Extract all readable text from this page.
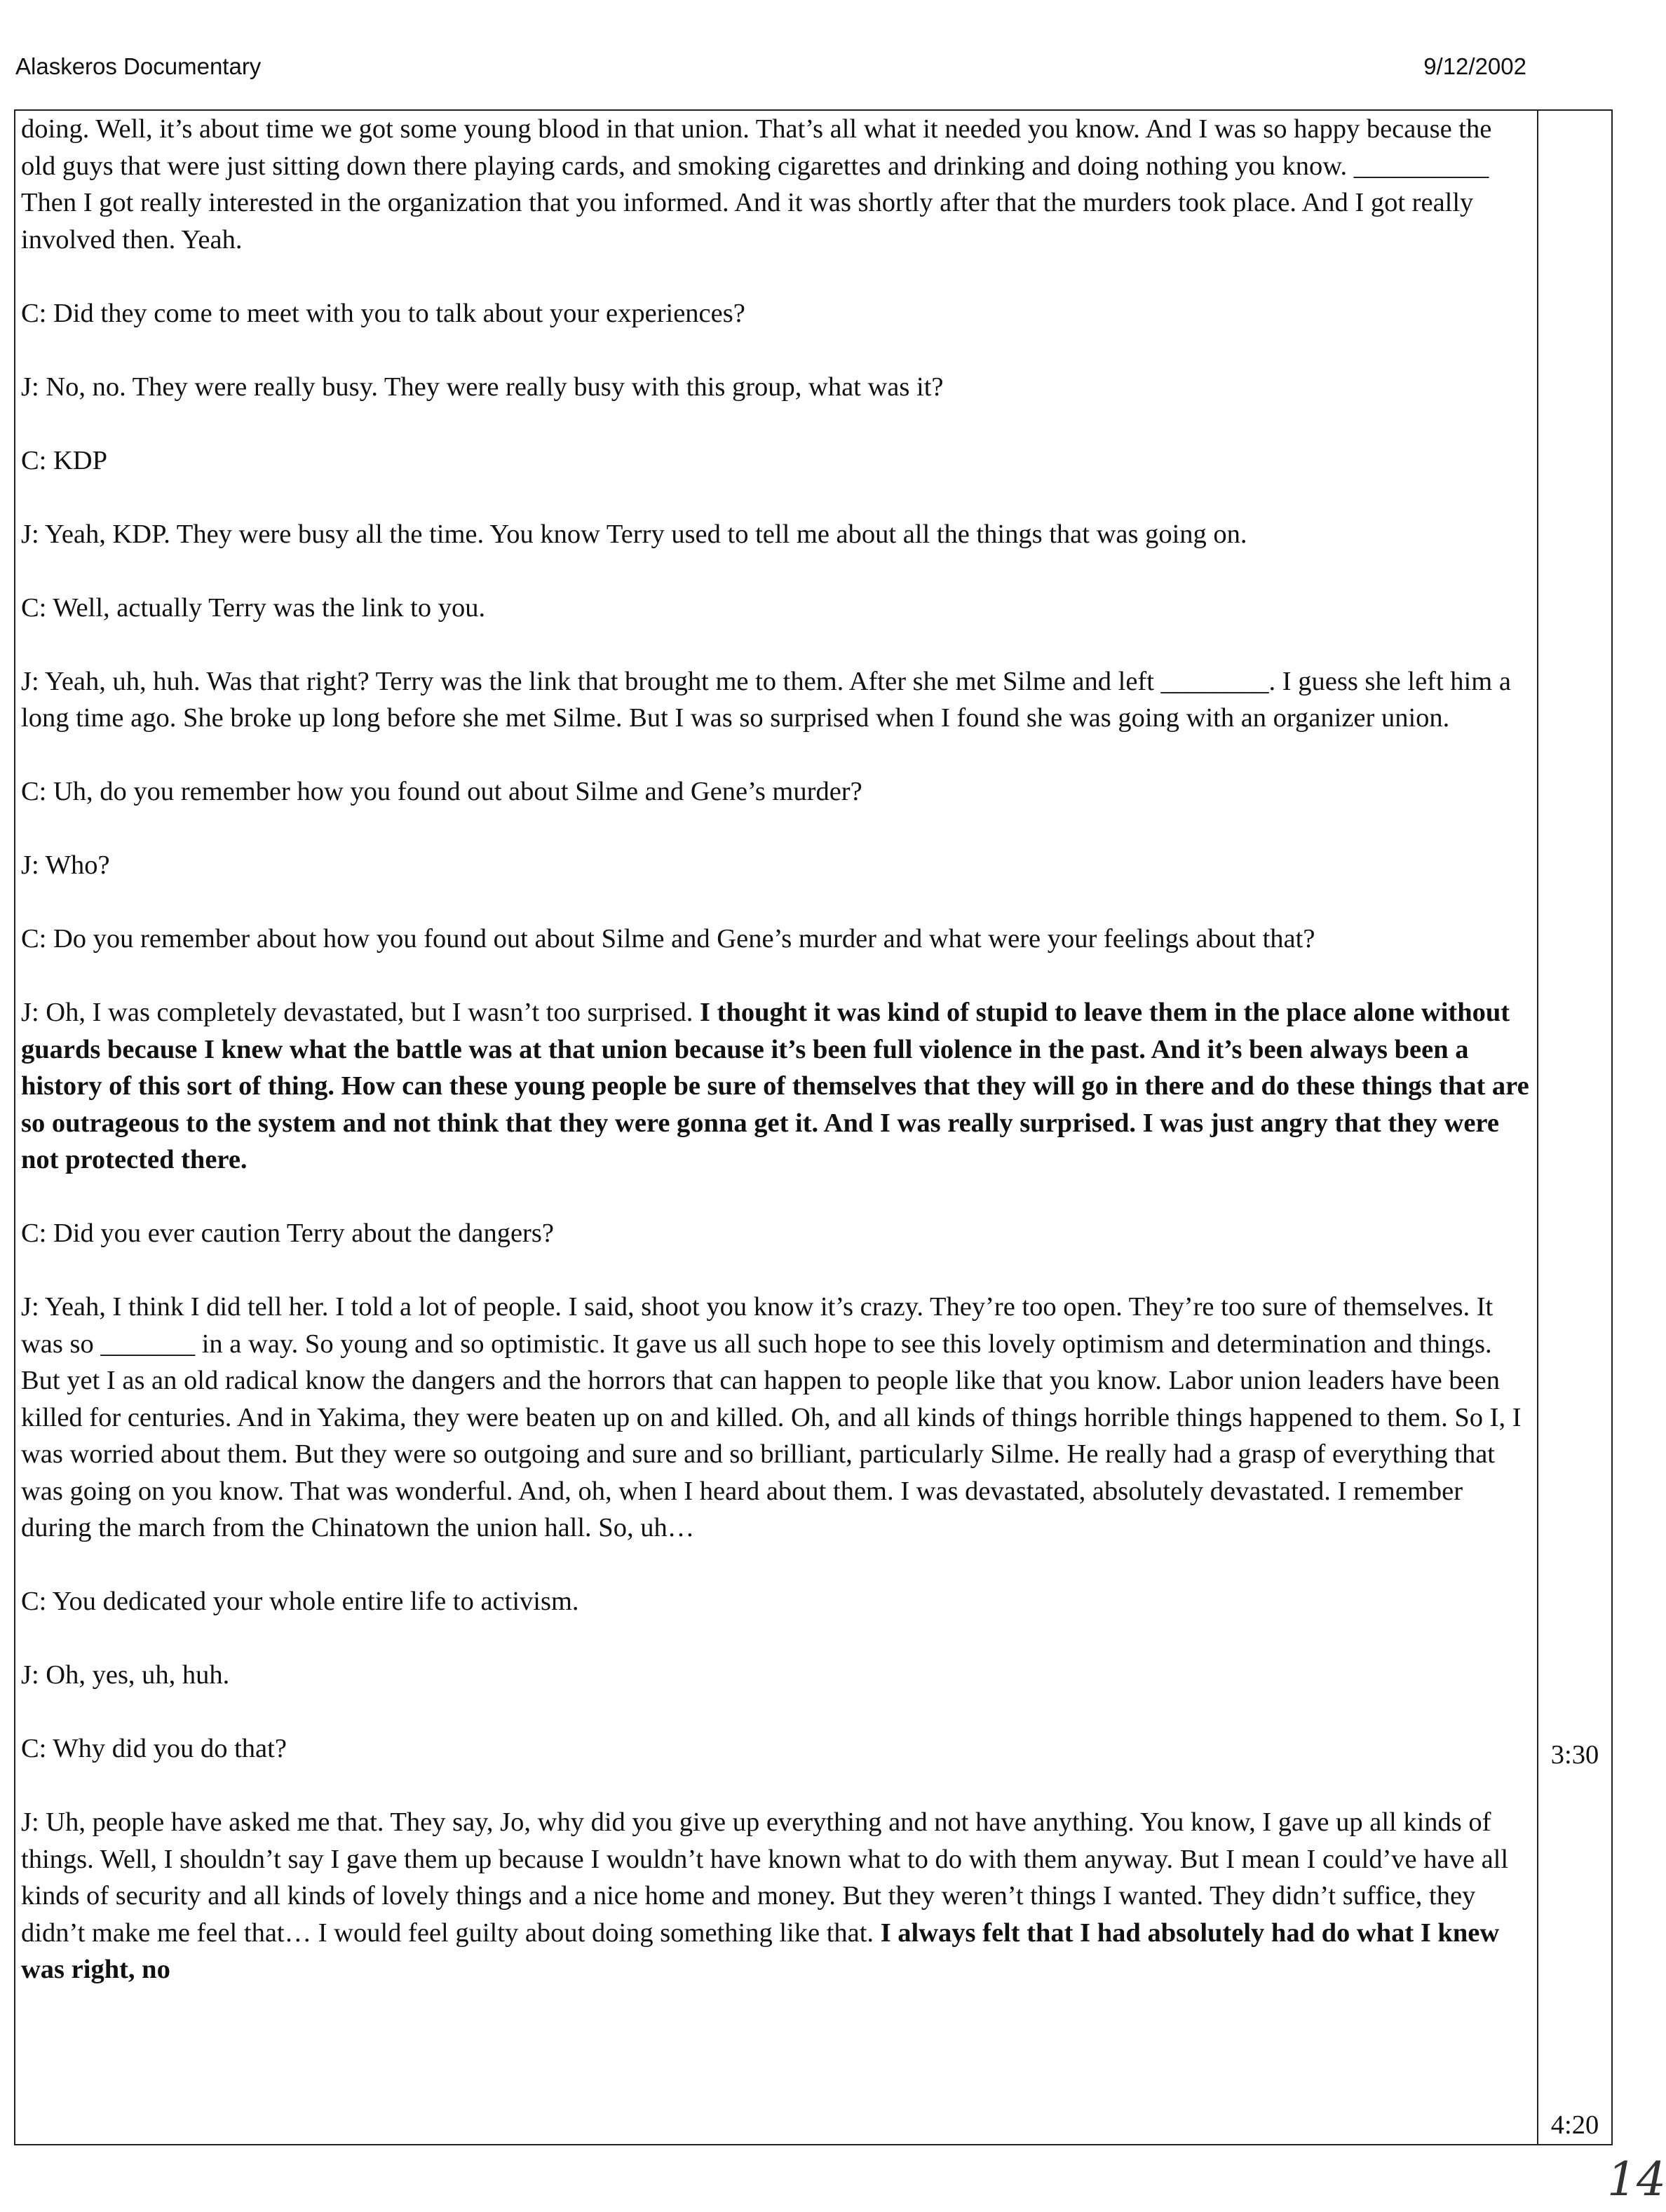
Alaskeros Documentary	9/12/2002

doing. Well, it’s about time we got some young blood in that union. That’s all what it needed you know. And I was so happy because the old guys that were just sitting down there playing cards, and smoking cigarettes and drinking and doing nothing you know. __________ Then I got really interested in the organization that you informed. And it was shortly after that the murders took place. And I got really involved then. Yeah.

C: Did they come to meet with you to talk about your experiences?

J: No, no. They were really busy. They were really busy with this group, what was it?

C: KDP

J: Yeah, KDP. They were busy all the time. You know Terry used to tell me about all the things that was going on.

C: Well, actually Terry was the link to you.

J: Yeah, uh, huh. Was that right? Terry was the link that brought me to them. After she met Silme and left ________. I guess she left him a long time ago. She broke up long before she met Silme. But I was so surprised when I found she was going with an organizer union.

C: Uh, do you remember how you found out about Silme and Gene’s murder?

J: Who?

C: Do you remember about how you found out about Silme and Gene’s murder and what were your feelings about that?

J: Oh, I was completely devastated, but I wasn’t too surprised. I thought it was kind of stupid to leave them in the place alone without guards because I knew what the battle was at that union because it’s been full violence in the past. And it’s been always been a history of this sort of thing. How can these young people be sure of themselves that they will go in there and do these things that are so outrageous to the system and not think that they were gonna get it. And I was really surprised. I was just angry that they were not protected there.

C: Did you ever caution Terry about the dangers?

J: Yeah, I think I did tell her. I told a lot of people. I said, shoot you know it’s crazy. They’re too open. They’re too sure of themselves. It was so _______ in a way. So young and so optimistic. It gave us all such hope to see this lovely optimism and determination and things. But yet I as an old radical know the dangers and the horrors that can happen to people like that you know. Labor union leaders have been killed for centuries. And in Yakima, they were beaten up on and killed. Oh, and all kinds of things horrible things happened to them. So I, I was worried about them. But they were so outgoing and sure and so brilliant, particularly Silme. He really had a grasp of everything that was going on you know. That was wonderful. And, oh, when I heard about them. I was devastated, absolutely devastated. I remember during the march from the Chinatown the union hall. So, uh…

C: You dedicated your whole entire life to activism.

J: Oh, yes, uh, huh.

C: Why did you do that?

J: Uh, people have asked me that. They say, Jo, why did you give up everything and not have anything. You know, I gave up all kinds of things. Well, I shouldn’t say I gave them up because I wouldn’t have known what to do with them anyway. But I mean I could’ve have all kinds of security and all kinds of lovely things and a nice home and money. But they weren’t things I wanted. They didn’t suffice, they didn’t make me feel that… I would feel guilty about doing something like that. I always felt that I had absolutely had do what I knew was right, no

3:30
4:20
14
